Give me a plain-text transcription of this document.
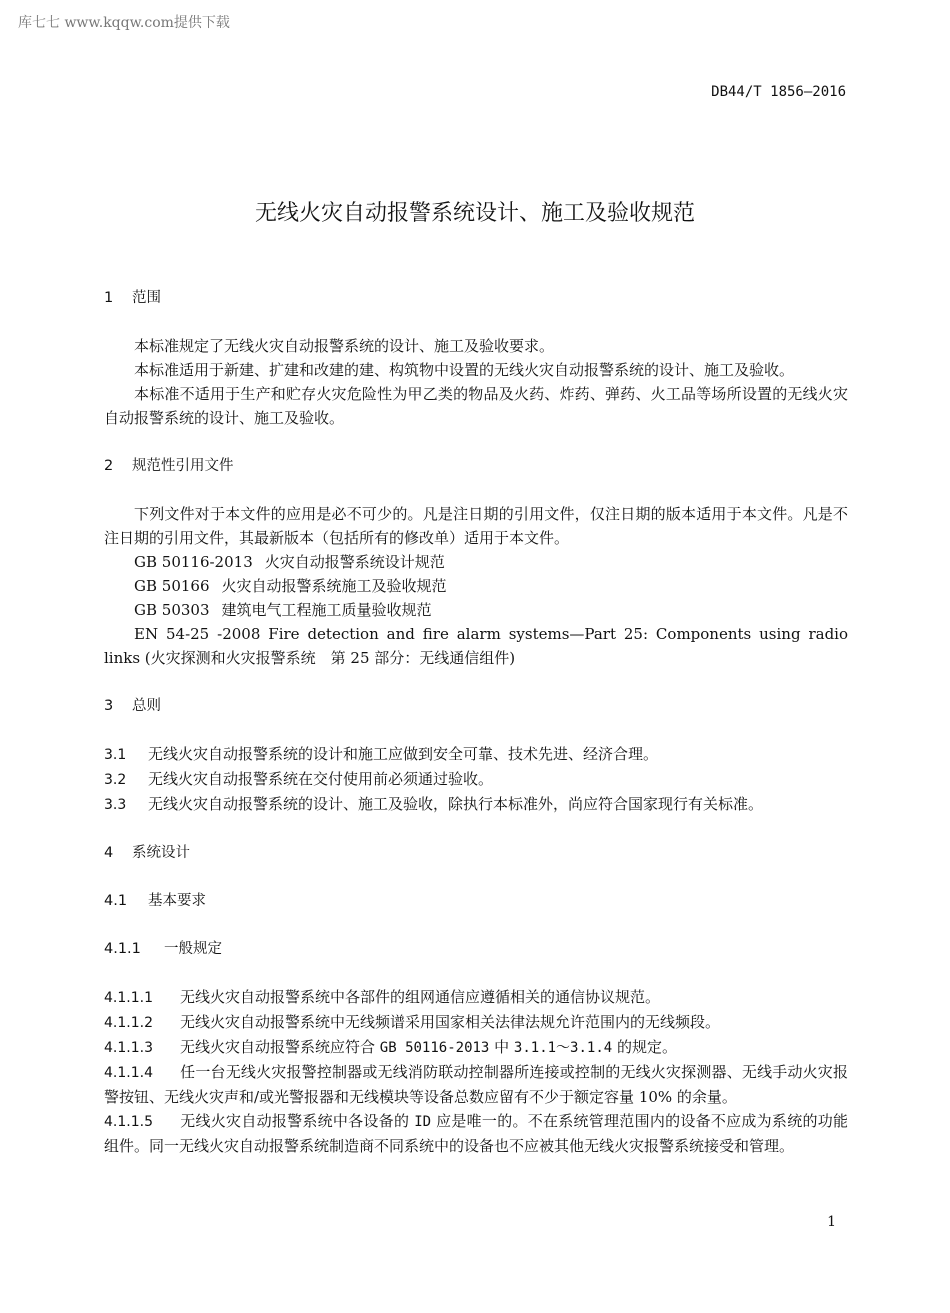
库七七 www.kqqw.com提供下载
DB44/T 1856—2016
无线火灾自动报警系统设计、施工及验收规范
1 范围
本标准规定了无线火灾自动报警系统的设计、施工及验收要求。
本标准适用于新建、扩建和改建的建、构筑物中设置的无线火灾自动报警系统的设计、施工及验收。
本标准不适用于生产和贮存火灾危险性为甲乙类的物品及火药、炸药、弹药、火工品等场所设置的无线火灾自动报警系统的设计、施工及验收。
2 规范性引用文件
下列文件对于本文件的应用是必不可少的。凡是注日期的引用文件，仅注日期的版本适用于本文件。凡是不注日期的引用文件，其最新版本（包括所有的修改单）适用于本文件。
GB 50116-2013 火灾自动报警系统设计规范
GB 50166 火灾自动报警系统施工及验收规范
GB 50303 建筑电气工程施工质量验收规范
EN 54-25 -2008 Fire detection and fire alarm systems—Part 25: Components using radio links (火灾探测和火灾报警系统　第 25 部分：无线通信组件)
3 总则
3.1 无线火灾自动报警系统的设计和施工应做到安全可靠、技术先进、经济合理。
3.2 无线火灾自动报警系统在交付使用前必须通过验收。
3.3 无线火灾自动报警系统的设计、施工及验收，除执行本标准外，尚应符合国家现行有关标准。
4 系统设计
4.1 基本要求
4.1.1 一般规定
4.1.1.1 无线火灾自动报警系统中各部件的组网通信应遵循相关的通信协议规范。
4.1.1.2 无线火灾自动报警系统中无线频谱采用国家相关法律法规允许范围内的无线频段。
4.1.1.3 无线火灾自动报警系统应符合 GB 50116-2013 中 3.1.1～3.1.4 的规定。
4.1.1.4 任一台无线火灾报警控制器或无线消防联动控制器所连接或控制的无线火灾探测器、无线手动火灾报警按钮、无线火灾声和/或光警报器和无线模块等设备总数应留有不少于额定容量 10% 的余量。
4.1.1.5 无线火灾自动报警系统中各设备的 ID 应是唯一的。不在系统管理范围内的设备不应成为系统的功能组件。同一无线火灾自动报警系统制造商不同系统中的设备也不应被其他无线火灾报警系统接受和管理。
1
